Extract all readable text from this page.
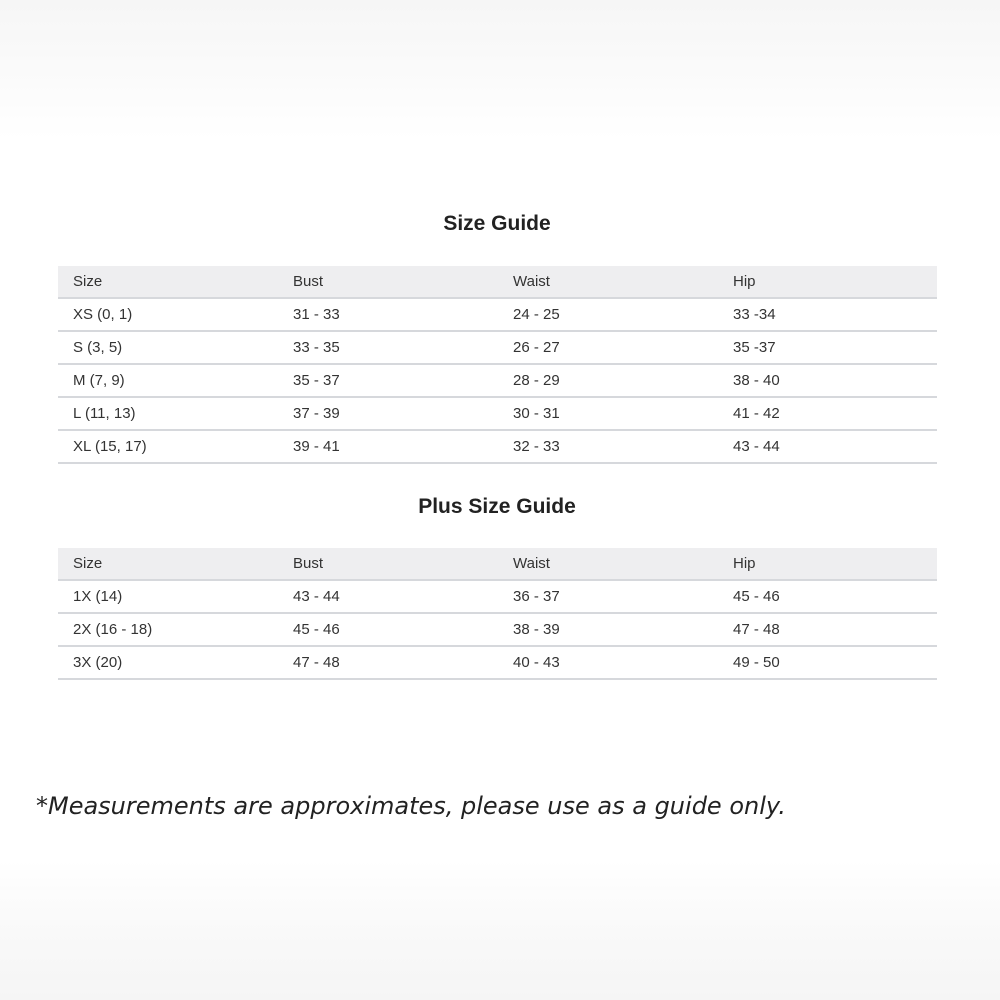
Size Guide
Size	Bust	Waist	Hip
XS (0, 1)	31 - 33	24 - 25	33 -34
S (3, 5)	33 - 35	26 - 27	35 -37
M (7, 9)	35 - 37	28 - 29	38 - 40
L (11, 13)	37 - 39	30 - 31	41 - 42
XL (15, 17)	39 - 41	32 - 33	43 - 44
Plus Size Guide
Size	Bust	Waist	Hip
1X (14)	43 - 44	36 - 37	45 - 46
2X (16 - 18)	45 - 46	38 - 39	47 - 48
3X (20)	47 - 48	40 - 43	49 - 50
*Measurements are approximates, please use as a guide only.
